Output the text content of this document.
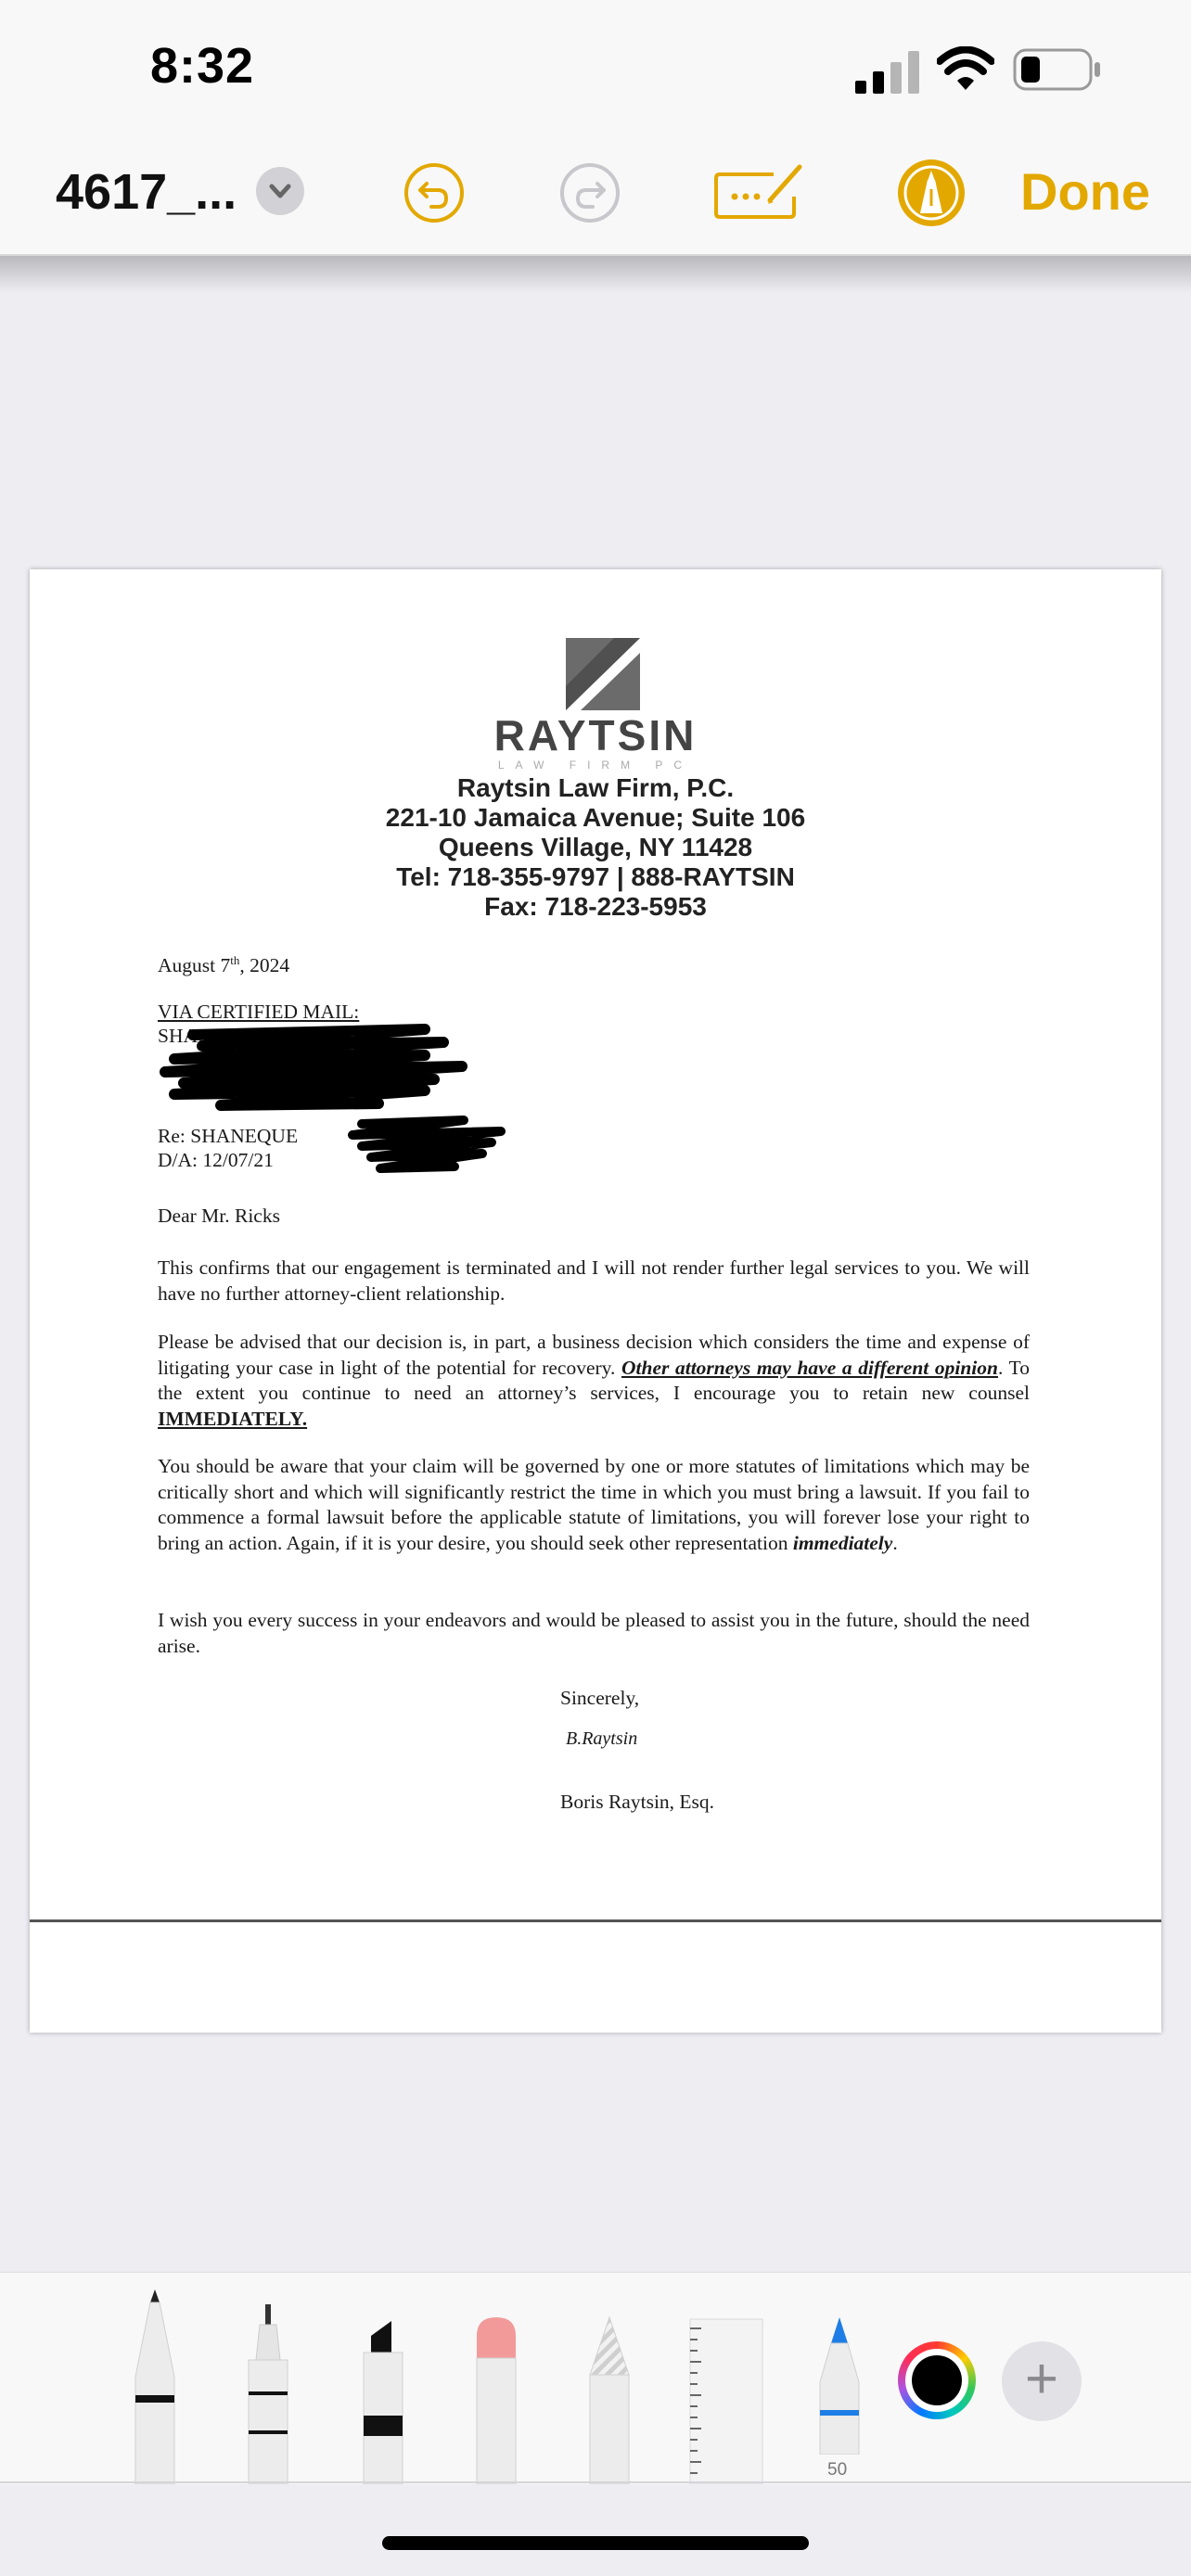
8:32
4617_...	Done
RAYTSIN
LAW FIRM PC
Raytsin Law Firm, P.C.
221-10 Jamaica Avenue; Suite 106
Queens Village, NY 11428
Tel: 718-355-9797 | 888-RAYTSIN
Fax: 718-223-5953
August 7th, 2024
VIA CERTIFIED MAIL:
SHANEQUE
Re: SHANEQUE
D/A: 12/07/21
Dear Mr. Ricks

This confirms that our engagement is terminated and I will not render further legal services to you. We will have no further attorney-client relationship.

Please be advised that our decision is, in part, a business decision which considers the time and expense of litigating your case in light of the potential for recovery. Other attorneys may have a different opinion. To the extent you continue to need an attorney’s services, I encourage you to retain new counsel IMMEDIATELY.

You should be aware that your claim will be governed by one or more statutes of limitations which may be critically short and which will significantly restrict the time in which you must bring a lawsuit. If you fail to commence a formal lawsuit before the applicable statute of limitations, you will forever lose your right to bring an action. Again, if it is your desire, you should seek other representation immediately.

I wish you every success in your endeavors and would be pleased to assist you in the future, should the need arise.

Sincerely,
B.Raytsin
Boris Raytsin, Esq.
50
+
